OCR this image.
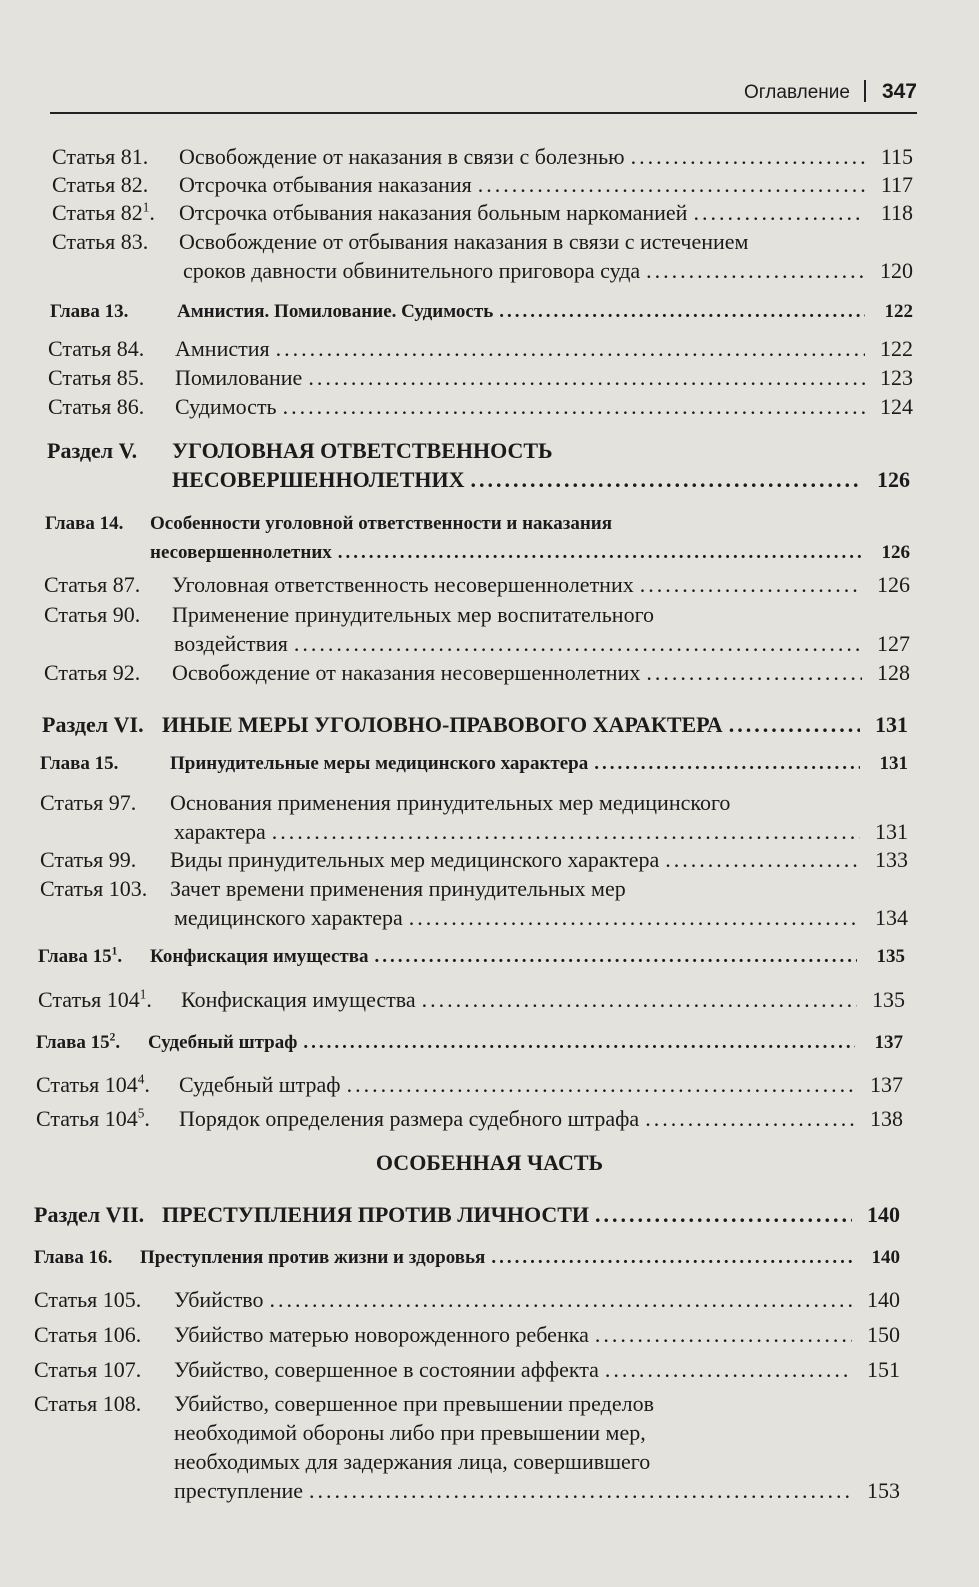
Оглавление 347
Статья 81.	Освобождение от наказания в связи с болезнью .....	115
Статья 82.	Отсрочка отбывания наказания .....	117
Статья $82^1$.	Отсрочка отбывания наказания больным наркоманией .....	118
Статья 83.	Освобождение от отбывания наказания в связи с истечением
сроков давности обвинительного приговора суда .....	120
Глава 13.	Амнистия. Помилование. Судимость .....	122
Статья 84.	Амнистия .....	122
Статья 85.	Помилование .....	123
Статья 86.	Судимость .....	124
Раздел V.	УГОЛОВНАЯ ОТВЕТСТВЕННОСТЬ
НЕСОВЕРШЕННОЛЕТНИХ .....	126
Глава 14.	Особенности уголовной ответственности и наказания
несовершеннолетних .....	126
Статья 87.	Уголовная ответственность несовершеннолетних .....	126
Статья 90.	Применение принудительных мер воспитательного
воздействия .....	127
Статья 92.	Освобождение от наказания несовершеннолетних .....	128
Раздел VI. ИНЫЕ МЕРЫ УГОЛОВНО-ПРАВОВОГО ХАРАКТЕРА .....	131
Глава 15.	Принудительные меры медицинского характера .....	131
Статья 97.	Основания применения принудительных мер медицинского
характера .....	131
Статья 99.	Виды принудительных мер медицинского характера .....	133
Статья 103.	Зачет времени применения принудительных мер
медицинского характера .....	134
Глава $15^1$.	Конфискация имущества .....	135
Статья $104^1$.	Конфискация имущества .....	135
Глава $15^2$.	Судебный штраф .....	137
Статья $104^4$.	Судебный штраф .....	137
Статья $104^5$.	Порядок определения размера судебного штрафа .....	138
Раздел VII. ПРЕСТУПЛЕНИЯ ПРОТИВ ЛИЧНОСТИ .....	140
Глава 16.	Преступления против жизни и здоровья .....	140
Статья 105.	Убийство .....	140
Статья 106.	Убийство матерью новорожденного ребенка .....	150
Статья 107.	Убийство, совершенное в состоянии аффекта .....	151
Статья 108.	Убийство, совершенное при превышении пределов
необходимой обороны либо при превышении мер,
необходимых для задержания лица, совершившего
преступление .....	153
ОСОБЕННАЯ ЧАСТЬ
